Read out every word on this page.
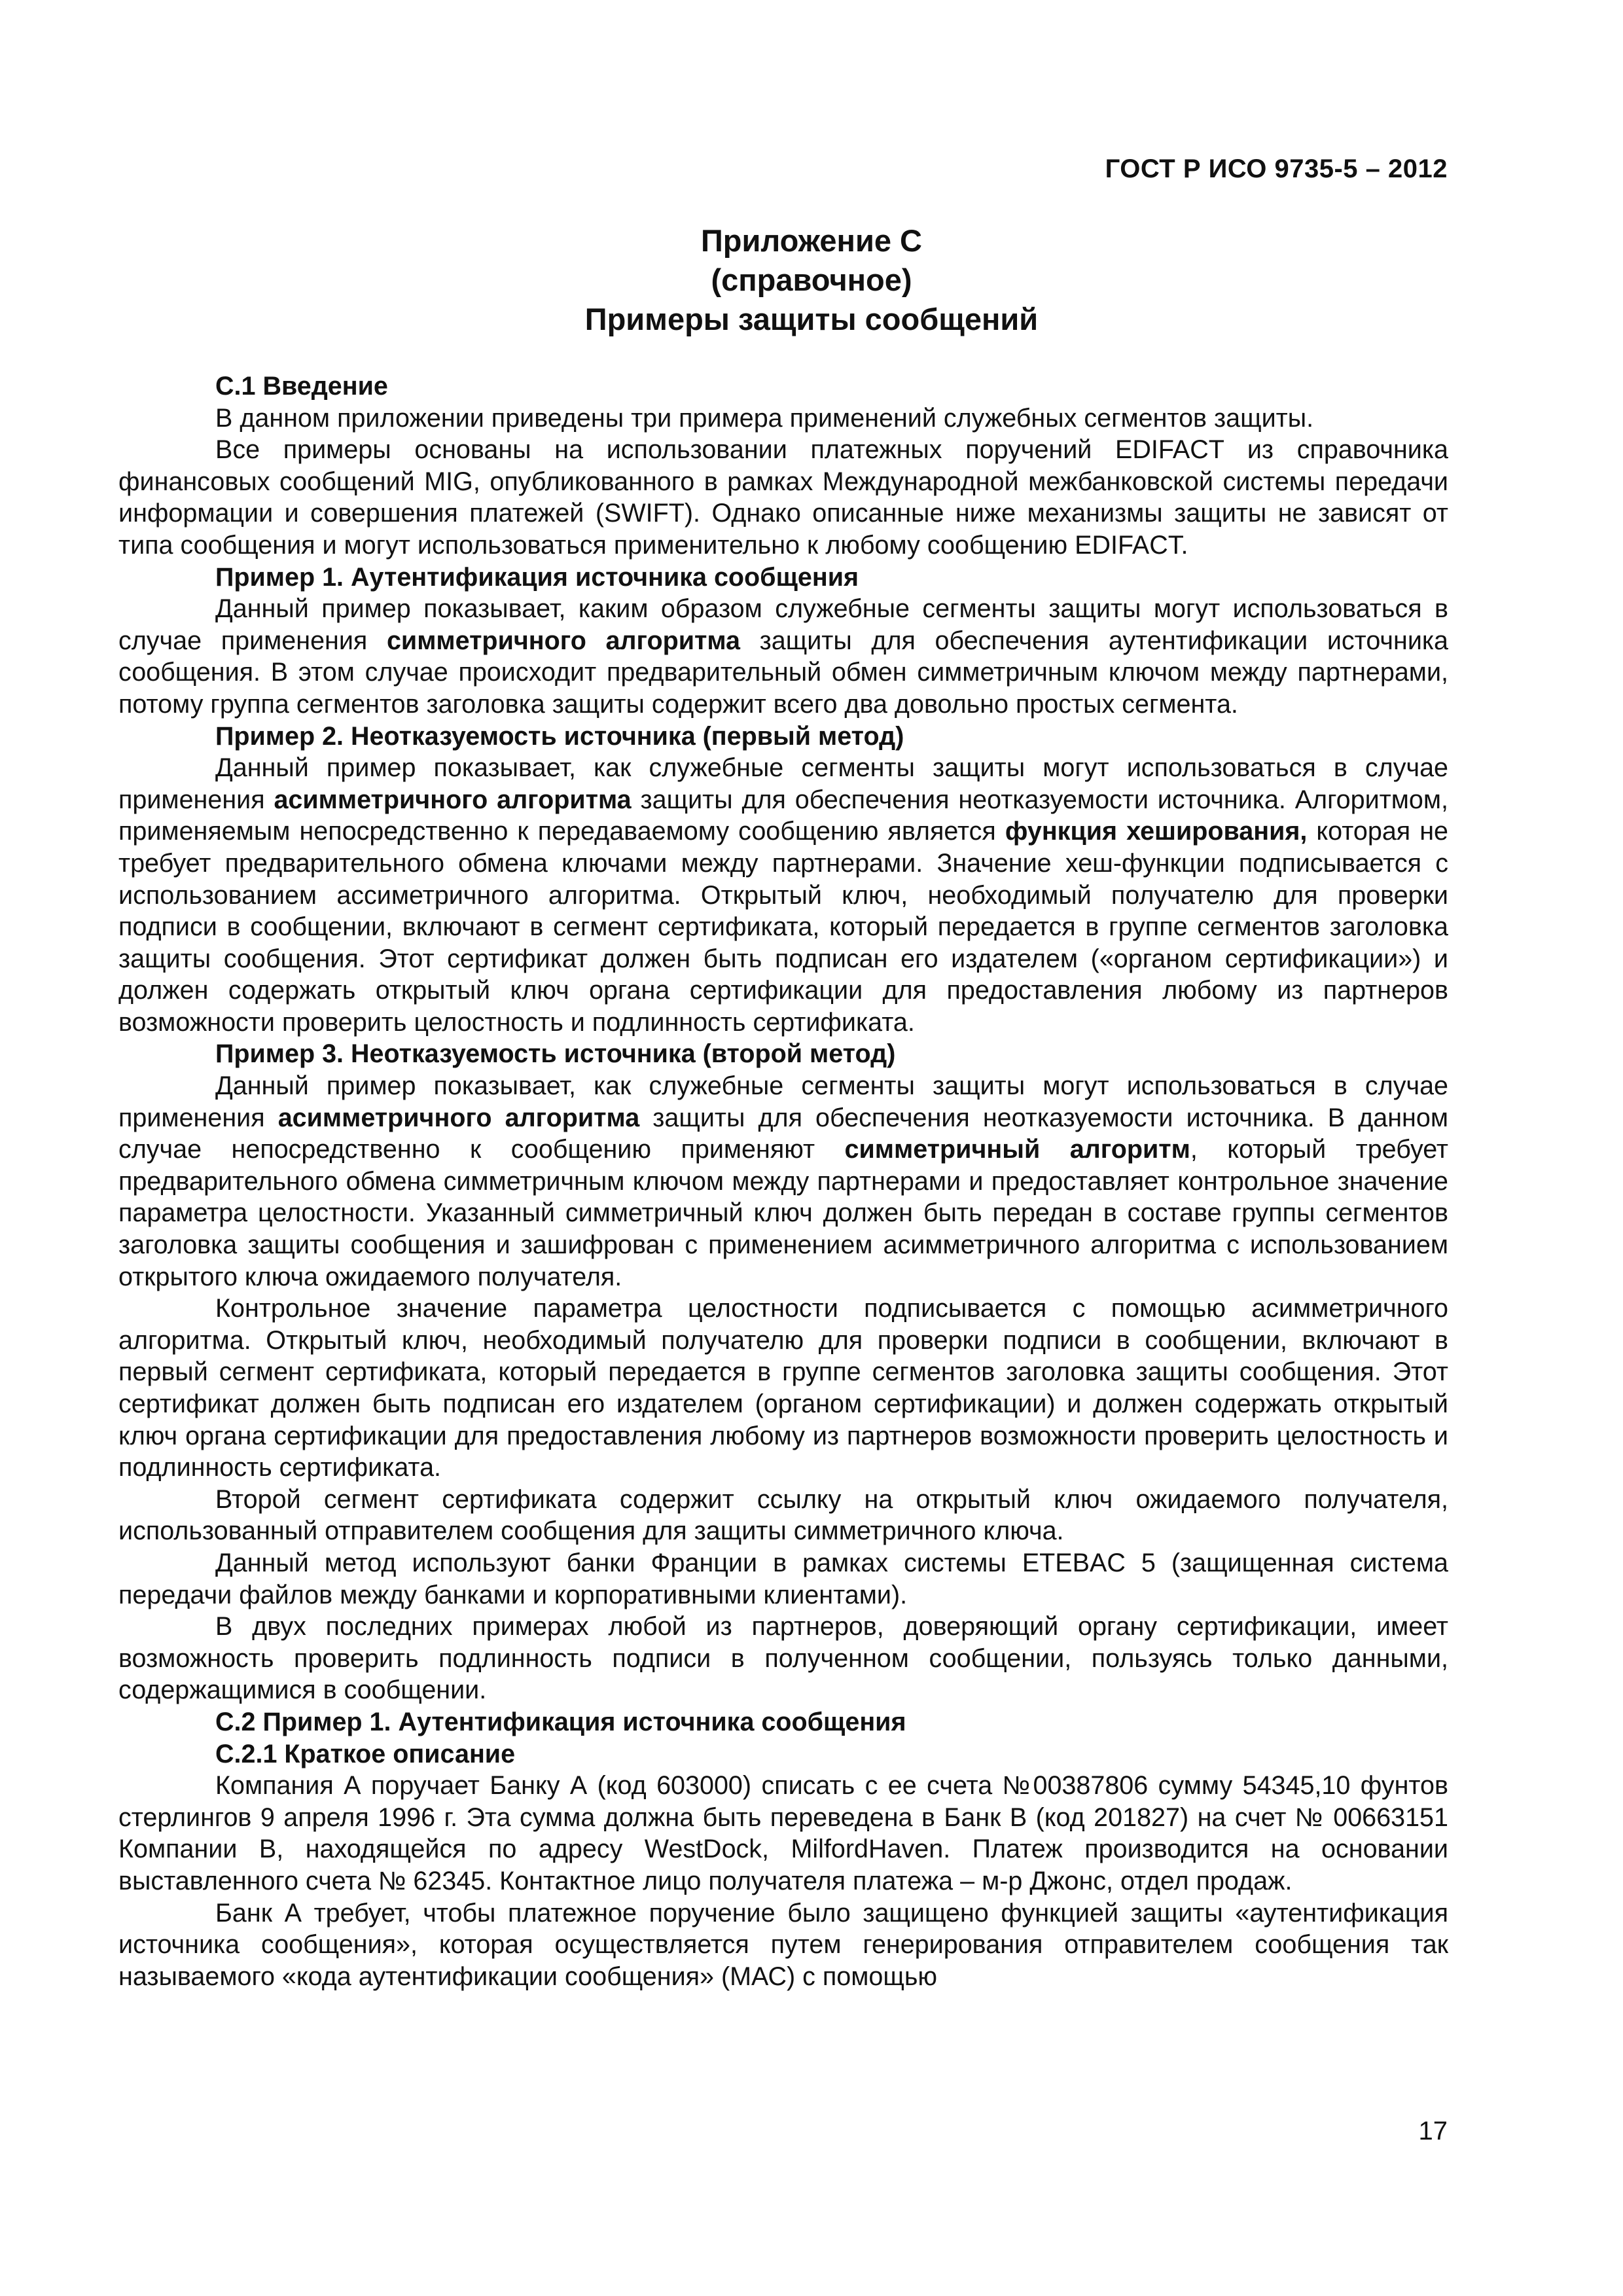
ГОСТ Р ИСО 9735-5 – 2012
Приложение С
(справочное)
Примеры защиты сообщений

С.1 Введение

В данном приложении приведены три примера применений служебных сегментов защиты.

Все примеры основаны на использовании платежных поручений EDIFACT из справочника финансовых сообщений MIG, опубликованного в рамках Международной межбанковской системы передачи информации и совершения платежей (SWIFT). Однако описанные ниже механизмы защиты не зависят от типа сообщения и могут использоваться применительно к любому сообщению EDIFACT.

Пример 1. Аутентификация источника сообщения

Данный пример показывает, каким образом служебные сегменты защиты могут использоваться в случае применения симметричного алгоритма защиты для обеспечения аутентификации источника сообщения. В этом случае происходит предварительный обмен симметричным ключом между партнерами, потому группа сегментов заголовка защиты содержит всего два довольно простых сегмента.

Пример 2. Неотказуемость источника (первый метод)

Данный пример показывает, как служебные сегменты защиты могут использоваться в случае применения асимметричного алгоритма защиты для обеспечения неотказуемости источника. Алгоритмом, применяемым непосредственно к передаваемому сообщению является функция хеширования, которая не требует предварительного обмена ключами между партнерами. Значение хеш-функции подписывается с использованием ассиметричного алгоритма. Открытый ключ, необходимый получателю для проверки подписи в сообщении, включают в сегмент сертификата, который передается в группе сегментов заголовка защиты сообщения. Этот сертификат должен быть подписан его издателем («органом сертификации») и должен содержать открытый ключ органа сертификации для предоставления любому из партнеров возможности проверить целостность и подлинность сертификата.

Пример 3. Неотказуемость источника (второй метод)

Данный пример показывает, как служебные сегменты защиты могут использоваться в случае применения асимметричного алгоритма защиты для обеспечения неотказуемости источника. В данном случае непосредственно к сообщению применяют симметричный алгоритм, который требует предварительного обмена симметричным ключом между партнерами и предоставляет контрольное значение параметра целостности. Указанный симметричный ключ должен быть передан в составе группы сегментов заголовка защиты сообщения и зашифрован с применением асимметричного алгоритма с использованием открытого ключа ожидаемого получателя.

Контрольное значение параметра целостности подписывается с помощью асимметричного алгоритма. Открытый ключ, необходимый получателю для проверки подписи в сообщении, включают в первый сегмент сертификата, который передается в группе сегментов заголовка защиты сообщения. Этот сертификат должен быть подписан его издателем (органом сертификации) и должен содержать открытый ключ органа сертификации для предоставления любому из партнеров возможности проверить целостность и подлинность сертификата.

Второй сегмент сертификата содержит ссылку на открытый ключ ожидаемого получателя, использованный отправителем сообщения для защиты симметричного ключа.

Данный метод используют банки Франции в рамках системы ETEBAC 5 (защищенная система передачи файлов между банками и корпоративными клиентами).

В двух последних примерах любой из партнеров, доверяющий органу сертификации, имеет возможность проверить подлинность подписи в полученном сообщении, пользуясь только данными, содержащимися в сообщении.

С.2 Пример 1. Аутентификация источника сообщения

С.2.1 Краткое описание

Компания А поручает Банку А (код 603000) списать с ее счета №00387806 сумму 54345,10 фунтов стерлингов 9 апреля 1996 г. Эта сумма должна быть переведена в Банк В (код 201827) на счет № 00663151 Компании В, находящейся по адресу WestDock, MilfordHaven. Платеж производится на основании выставленного счета № 62345. Контактное лицо получателя платежа – м-р Джонс, отдел продаж.

Банк А требует, чтобы платежное поручение было защищено функцией защиты «аутентификация источника сообщения», которая осуществляется путем генерирования отправителем сообщения так называемого «кода аутентификации сообщения» (МАС) с помощью

17
